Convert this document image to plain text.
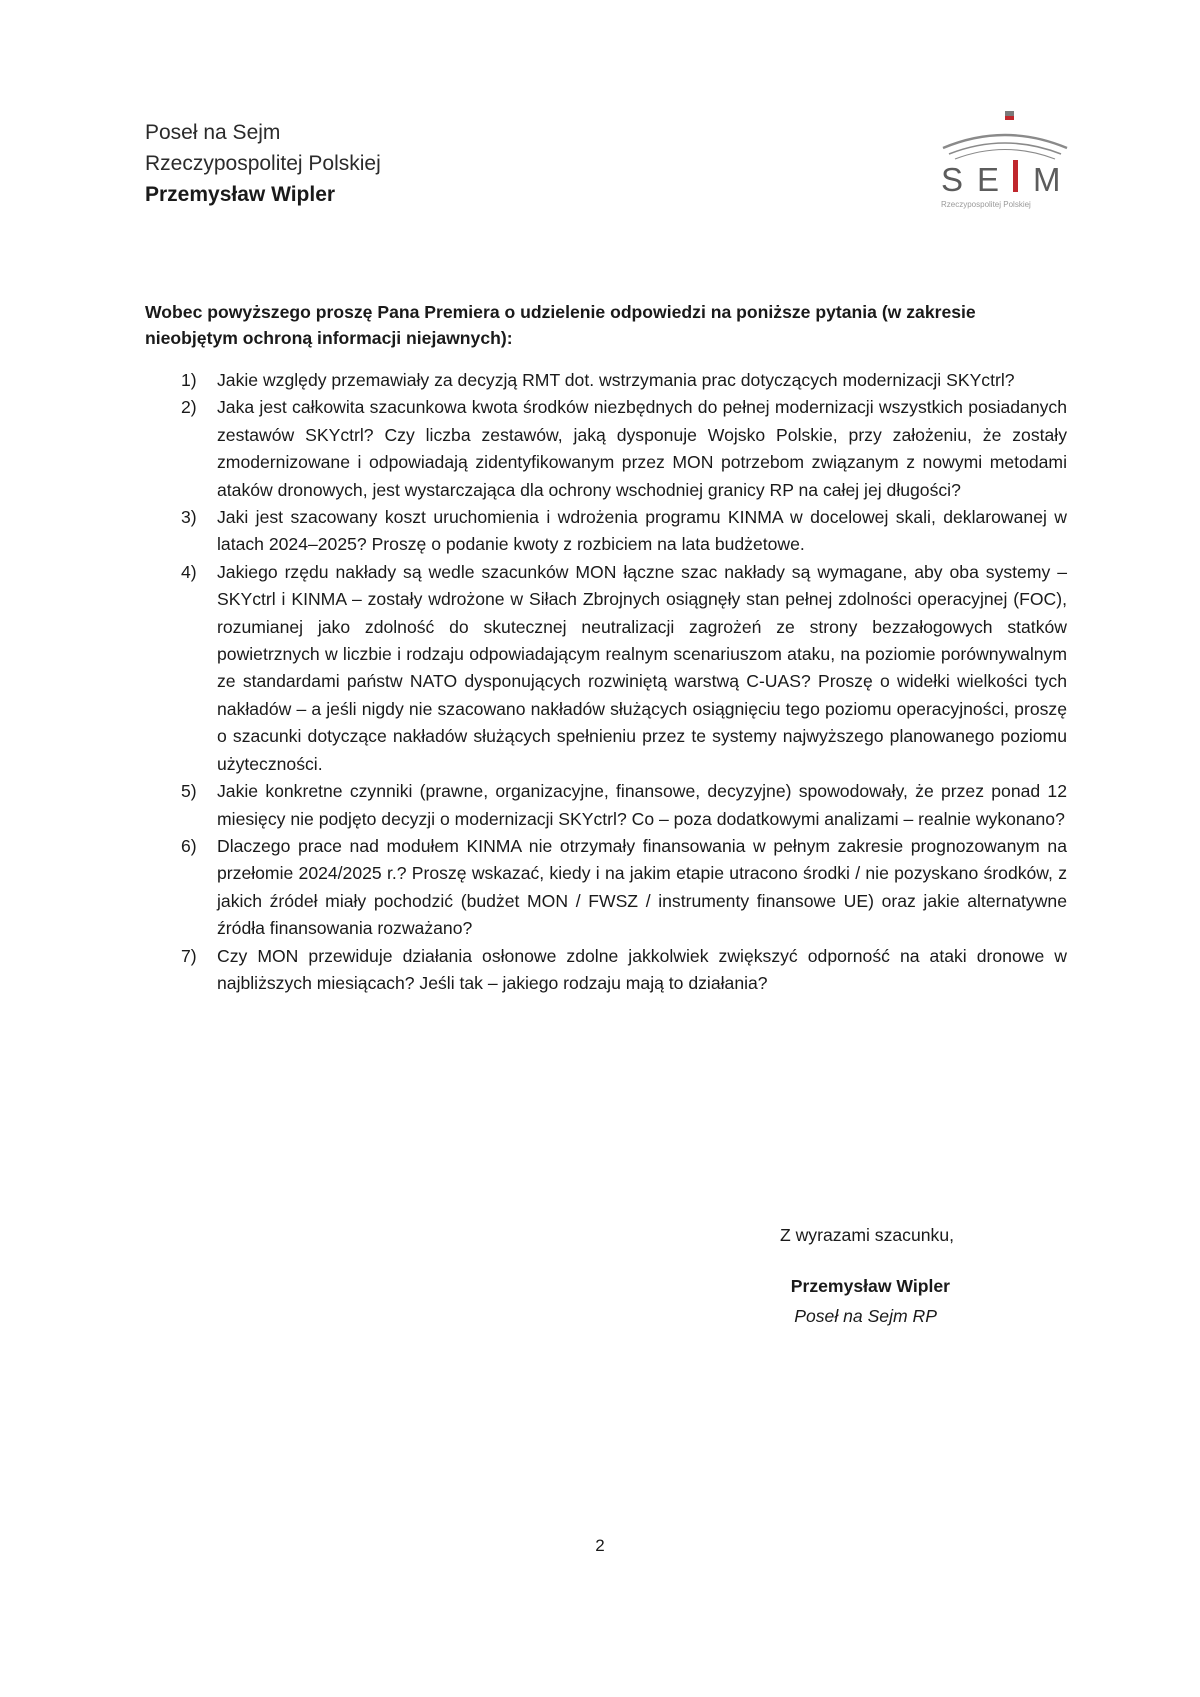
Poseł na Sejm
Rzeczypospolitej Polskiej
Przemysław Wipler	S E M
Rzeczypospolitej Polskiej
Wobec powyższego proszę Pana Premiera o udzielenie odpowiedzi na poniższe pytania (w zakresie nieobjętym ochroną informacji niejawnych):
1) Jakie względy przemawiały za decyzją RMT dot. wstrzymania prac dotyczących modernizacji SKYctrl?
2) Jaka jest całkowita szacunkowa kwota środków niezbędnych do pełnej modernizacji wszystkich posiadanych zestawów SKYctrl? Czy liczba zestawów, jaką dysponuje Wojsko Polskie, przy założeniu, że zostały zmodernizowane i odpowiadają zidentyfikowanym przez MON potrzebom związanym z nowymi metodami ataków dronowych, jest wystarczająca dla ochrony wschodniej granicy RP na całej jej długości?
3) Jaki jest szacowany koszt uruchomienia i wdrożenia programu KINMA w docelowej skali, deklarowanej w latach 2024–2025? Proszę o podanie kwoty z rozbiciem na lata budżetowe.
4) Jakiego rzędu nakłady są wedle szacunków MON łączne szac nakłady są wymagane, aby oba systemy – SKYctrl i KINMA – zostały wdrożone w Siłach Zbrojnych osiągnęły stan pełnej zdolności operacyjnej (FOC), rozumianej jako zdolność do skutecznej neutralizacji zagrożeń ze strony bezzałogowych statków powietrznych w liczbie i rodzaju odpowiadającym realnym scenariuszom ataku, na poziomie porównywalnym ze standardami państw NATO dysponujących rozwiniętą warstwą C-UAS? Proszę o widełki wielkości tych nakładów – a jeśli nigdy nie szacowano nakładów służących osiągnięciu tego poziomu operacyjności, proszę o szacunki dotyczące nakładów służących spełnieniu przez te systemy najwyższego planowanego poziomu użyteczności.
5) Jakie konkretne czynniki (prawne, organizacyjne, finansowe, decyzyjne) spowodowały, że przez ponad 12 miesięcy nie podjęto decyzji o modernizacji SKYctrl? Co – poza dodatkowymi analizami – realnie wykonano?
6) Dlaczego prace nad modułem KINMA nie otrzymały finansowania w pełnym zakresie prognozowanym na przełomie 2024/2025 r.? Proszę wskazać, kiedy i na jakim etapie utracono środki / nie pozyskano środków, z jakich źródeł miały pochodzić (budżet MON / FWSZ / instrumenty finansowe UE) oraz jakie alternatywne źródła finansowania rozważano?
7) Czy MON przewiduje działania osłonowe zdolne jakkolwiek zwiększyć odporność na ataki dronowe w najbliższych miesiącach? Jeśli tak – jakiego rodzaju mają to działania?
Z wyrazami szacunku,
Przemysław Wipler
Poseł na Sejm RP
2
